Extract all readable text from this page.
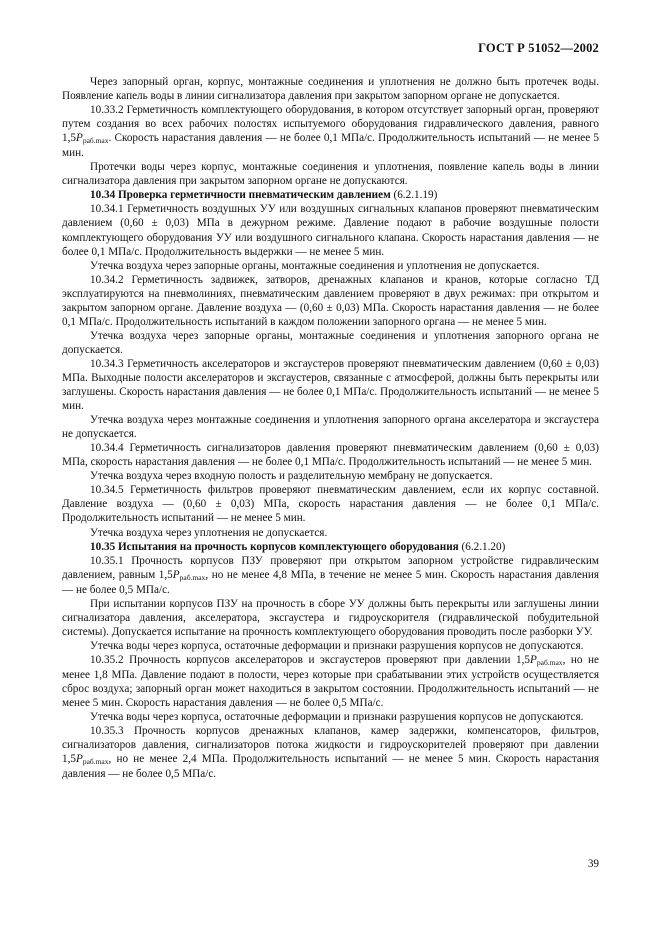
ГОСТ Р 51052—2002

Через запорный орган, корпус, монтажные соединения и уплотнения не должно быть протечек воды. Появление капель воды в линии сигнализатора давления при закрытом запорном органе не допускается.

10.33.2 Герметичность комплектующего оборудования, в котором отсутствует запорный орган, проверяют путем создания во всех рабочих полостях испытуемого оборудования гидравлического давления, равного 1,5Pраб.max. Скорость нарастания давления — не более 0,1 МПа/с. Продолжительность испытаний — не менее 5 мин.

Протечки воды через корпус, монтажные соединения и уплотнения, появление капель воды в линии сигнализатора давления при закрытом запорном органе не допускаются.

10.34 Проверка герметичности пневматическим давлением (6.2.1.19)

10.34.1 Герметичность воздушных УУ или воздушных сигнальных клапанов проверяют пневматическим давлением (0,60 ± 0,03) МПа в дежурном режиме. Давление подают в рабочие воздушные полости комплектующего оборудования УУ или воздушного сигнального клапана. Скорость нарастания давления — не более 0,1 МПа/с. Продолжительность выдержки — не менее 5 мин.

Утечка воздуха через запорные органы, монтажные соединения и уплотнения не допускается.

10.34.2 Герметичность задвижек, затворов, дренажных клапанов и кранов, которые согласно ТД эксплуатируются на пневмолиниях, пневматическим давлением проверяют в двух режимах: при открытом и закрытом запорном органе. Давление воздуха — (0,60 ± 0,03) МПа. Скорость нарастания давления — не более 0,1 МПа/с. Продолжительность испытаний в каждом положении запорного органа — не менее 5 мин.

Утечка воздуха через запорные органы, монтажные соединения и уплотнения запорного органа не допускается.

10.34.3 Герметичность акселераторов и эксгаустеров проверяют пневматическим давлением (0,60 ± 0,03) МПа. Выходные полости акселераторов и эксгаустеров, связанные с атмосферой, должны быть перекрыты или заглушены. Скорость нарастания давления — не более 0,1 МПа/с. Продолжительность испытаний — не менее 5 мин.

Утечка воздуха через монтажные соединения и уплотнения запорного органа акселератора и эксгаустера не допускается.

10.34.4 Герметичность сигнализаторов давления проверяют пневматическим давлением (0,60 ± 0,03) МПа, скорость нарастания давления — не более 0,1 МПа/с. Продолжительность испытаний — не менее 5 мин.

Утечка воздуха через входную полость и разделительную мембрану не допускается.

10.34.5 Герметичность фильтров проверяют пневматическим давлением, если их корпус составной. Давление воздуха — (0,60 ± 0,03) МПа, скорость нарастания давления — не более 0,1 МПа/с. Продолжительность испытаний — не менее 5 мин.

Утечка воздуха через уплотнения не допускается.

10.35 Испытания на прочность корпусов комплектующего оборудования (6.2.1.20)

10.35.1 Прочность корпусов ПЗУ проверяют при открытом запорном устройстве гидравлическим давлением, равным 1,5Pраб.max, но не менее 4,8 МПа, в течение не менее 5 мин. Скорость нарастания давления — не более 0,5 МПа/с.

При испытании корпусов ПЗУ на прочность в сборе УУ должны быть перекрыты или заглушены линии сигнализатора давления, акселератора, эксгаустера и гидроускорителя (гидравлической побудительной системы). Допускается испытание на прочность комплектующего оборудования проводить после разборки УУ.

Утечка воды через корпуса, остаточные деформации и признаки разрушения корпусов не допускаются.

10.35.2 Прочность корпусов акселераторов и эксгаустеров проверяют при давлении 1,5Pраб.max, но не менее 1,8 МПа. Давление подают в полости, через которые при срабатывании этих устройств осуществляется сброс воздуха; запорный орган может находиться в закрытом состоянии. Продолжительность испытаний — не менее 5 мин. Скорость нарастания давления — не более 0,5 МПа/с.

Утечка воды через корпуса, остаточные деформации и признаки разрушения корпусов не допускаются.

10.35.3 Прочность корпусов дренажных клапанов, камер задержки, компенсаторов, фильтров, сигнализаторов давления, сигнализаторов потока жидкости и гидроускорителей проверяют при давлении 1,5Pраб.max, но не менее 2,4 МПа. Продолжительность испытаний — не менее 5 мин. Скорость нарастания давления — не более 0,5 МПа/с.

39
